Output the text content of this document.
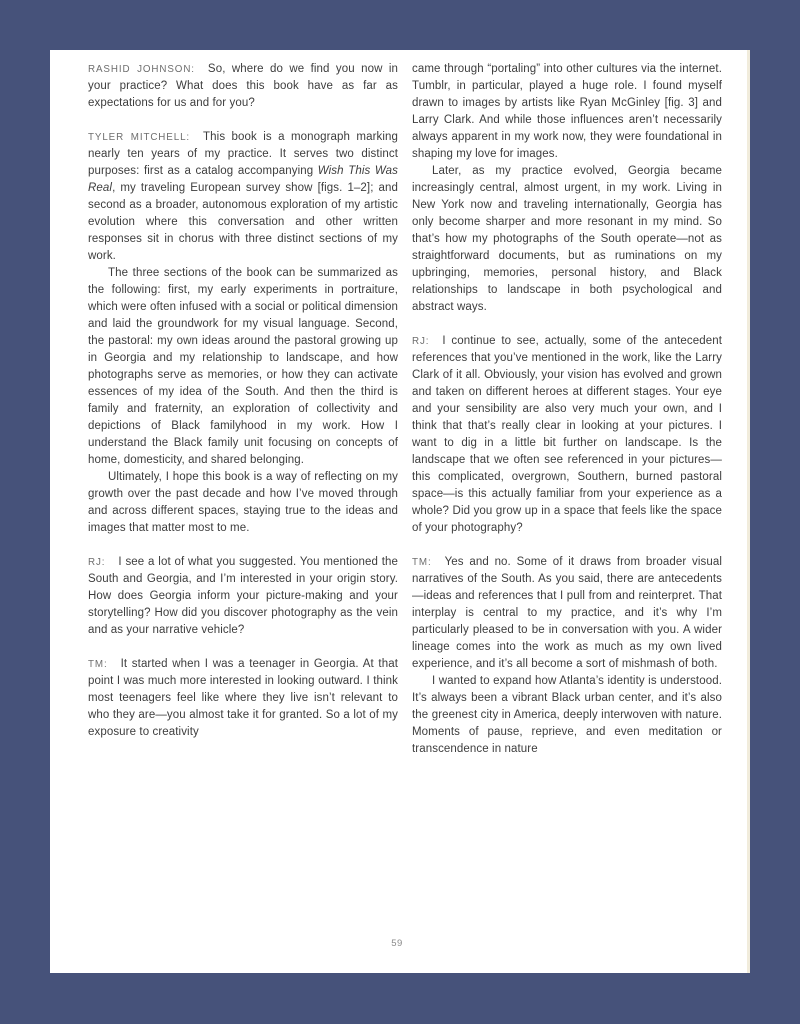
RASHID JOHNSON: So, where do we find you now in your practice? What does this book have as far as expectations for us and for you?

TYLER MITCHELL: This book is a monograph marking nearly ten years of my practice. It serves two distinct purposes: first as a catalog accompanying Wish This Was Real, my traveling European survey show [figs. 1–2]; and second as a broader, autonomous exploration of my artistic evolution where this conversation and other written responses sit in chorus with three distinct sections of my work.

The three sections of the book can be summarized as the following: first, my early experiments in portraiture, which were often infused with a social or political dimension and laid the groundwork for my visual language. Second, the pastoral: my own ideas around the pastoral growing up in Georgia and my relationship to landscape, and how photographs serve as memories, or how they can activate essences of my idea of the South. And then the third is family and fraternity, an exploration of collectivity and depictions of Black familyhood in my work. How I understand the Black family unit focusing on concepts of home, domesticity, and shared belonging.

Ultimately, I hope this book is a way of reflecting on my growth over the past decade and how I’ve moved through and across different spaces, staying true to the ideas and images that matter most to me.

RJ: I see a lot of what you suggested. You mentioned the South and Georgia, and I’m interested in your origin story. How does Georgia inform your picture-making and your storytelling? How did you discover photography as the vein and as your narrative vehicle?

TM: It started when I was a teenager in Georgia. At that point I was much more interested in looking outward. I think most teenagers feel like where they live isn’t relevant to who they are—you almost take it for granted. So a lot of my exposure to creativity

came through “portaling” into other cultures via the internet. Tumblr, in particular, played a huge role. I found myself drawn to images by artists like Ryan McGinley [fig. 3] and Larry Clark. And while those influences aren’t necessarily always apparent in my work now, they were foundational in shaping my love for images.

Later, as my practice evolved, Georgia became increasingly central, almost urgent, in my work. Living in New York now and traveling internationally, Georgia has only become sharper and more resonant in my mind. So that’s how my photographs of the South operate—not as straightforward documents, but as ruminations on my upbringing, memories, personal history, and Black relationships to landscape in both psychological and abstract ways.

RJ: I continue to see, actually, some of the antecedent references that you’ve mentioned in the work, like the Larry Clark of it all. Obviously, your vision has evolved and grown and taken on different heroes at different stages. Your eye and your sensibility are also very much your own, and I think that that’s really clear in looking at your pictures. I want to dig in a little bit further on landscape. Is the landscape that we often see referenced in your pictures—this complicated, overgrown, Southern, burned pastoral space—is this actually familiar from your experience as a whole? Did you grow up in a space that feels like the space of your photography?

TM: Yes and no. Some of it draws from broader visual narratives of the South. As you said, there are antecedents—ideas and references that I pull from and reinterpret. That interplay is central to my practice, and it’s why I’m particularly pleased to be in conversation with you. A wider lineage comes into the work as much as my own lived experience, and it’s all become a sort of mishmash of both.

I wanted to expand how Atlanta’s identity is understood. It’s always been a vibrant Black urban center, and it’s also the greenest city in America, deeply interwoven with nature. Moments of pause, reprieve, and even meditation or transcendence in nature

59
